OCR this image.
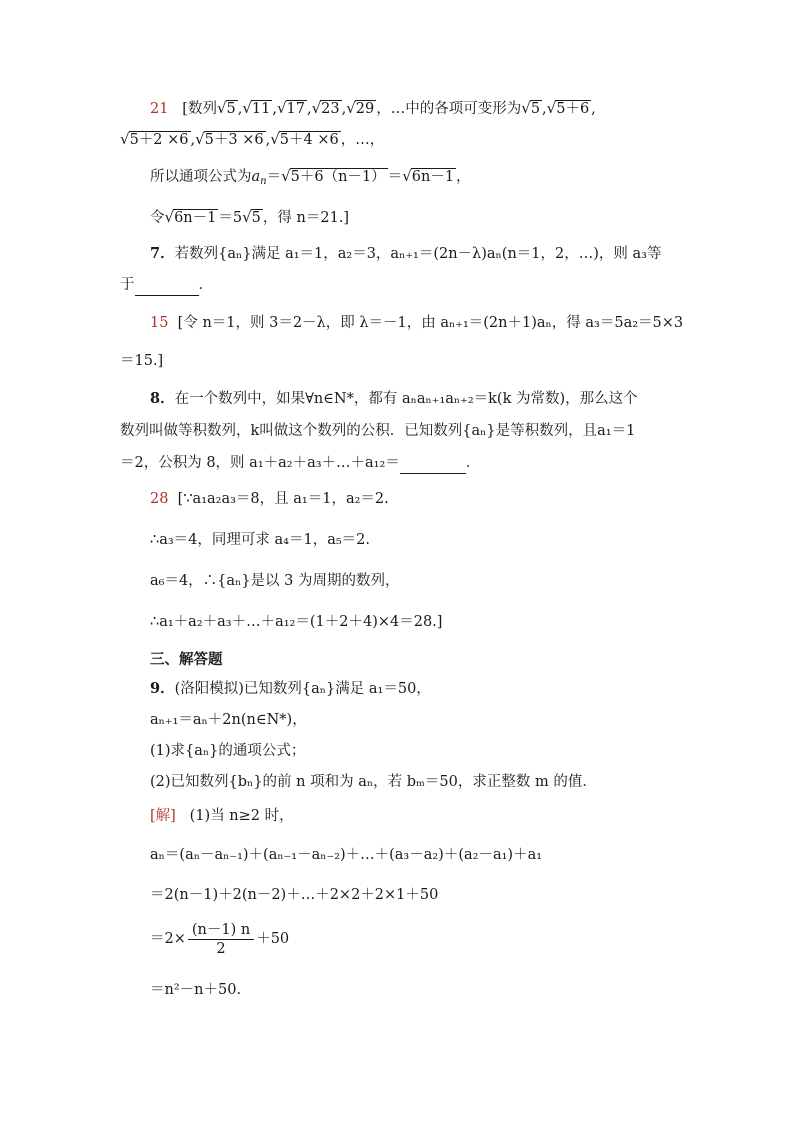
21 [数列√5 ,√11 ,√17 ,√23 ,√29 ，…中的各项可变形为√5 ,√5＋6 ,
√5＋2 ×6 ,√5＋3 ×6 ,√5＋4 ×6 ，…，
所以通项公式为$a_n=√5+6(n-1) =√6n-1$ ，
令√6n－1 ＝5√5 ，得 n＝21.]
7．若数列{aₙ}满足 a₁＝1，a₂＝3，aₙ₊₁＝(2n－λ)aₙ(n＝1，2，…)，则 a₃等
于	．
15 [令 n＝1，则 3＝2－λ，即 λ＝－1，由 aₙ₊₁＝(2n＋1)aₙ，得 a₃＝5a₂＝5×3
＝15.]
8．在一个数列中，如果∀n∈N*，都有 aₙaₙ₊₁aₙ₊₂＝k(k 为常数)，那么这个
数列叫做等积数列，k叫做这个数列的公积．已知数列{aₙ}是等积数列，且a₁＝1
＝2，公积为 8，则 a₁＋a₂＋a₃＋…＋a₁₂＝	．
28 [∵a₁a₂a₃＝8，且 a₁＝1，a₂＝2.
∴a₃＝4，同理可求 a₄＝1，a₅＝2.
a₆＝4，∴{aₙ}是以 3 为周期的数列，
∴a₁＋a₂＋a₃＋…＋a₁₂＝(1＋2＋4)×4＝28.]
三、解答题
9．(洛阳模拟)已知数列{aₙ}满足 a₁＝50，
aₙ₊₁＝aₙ＋2n(n∈N*)，
(1)求{aₙ}的通项公式；
(2)已知数列{bₙ}的前 n 项和为 aₙ，若 bₘ＝50，求正整数 m 的值．
[解] (1)当 n≥2 时，
aₙ＝(aₙ－aₙ₋₁)＋(aₙ₋₁－aₙ₋₂)＋…＋(a₃－a₂)＋(a₂－a₁)＋a₁
＝2(n－1)＋2(n－2)＋…＋2×2＋2×1＋50
$=2\times \frac{(n-1) n}{2} +50$
＝n²－n＋50.
